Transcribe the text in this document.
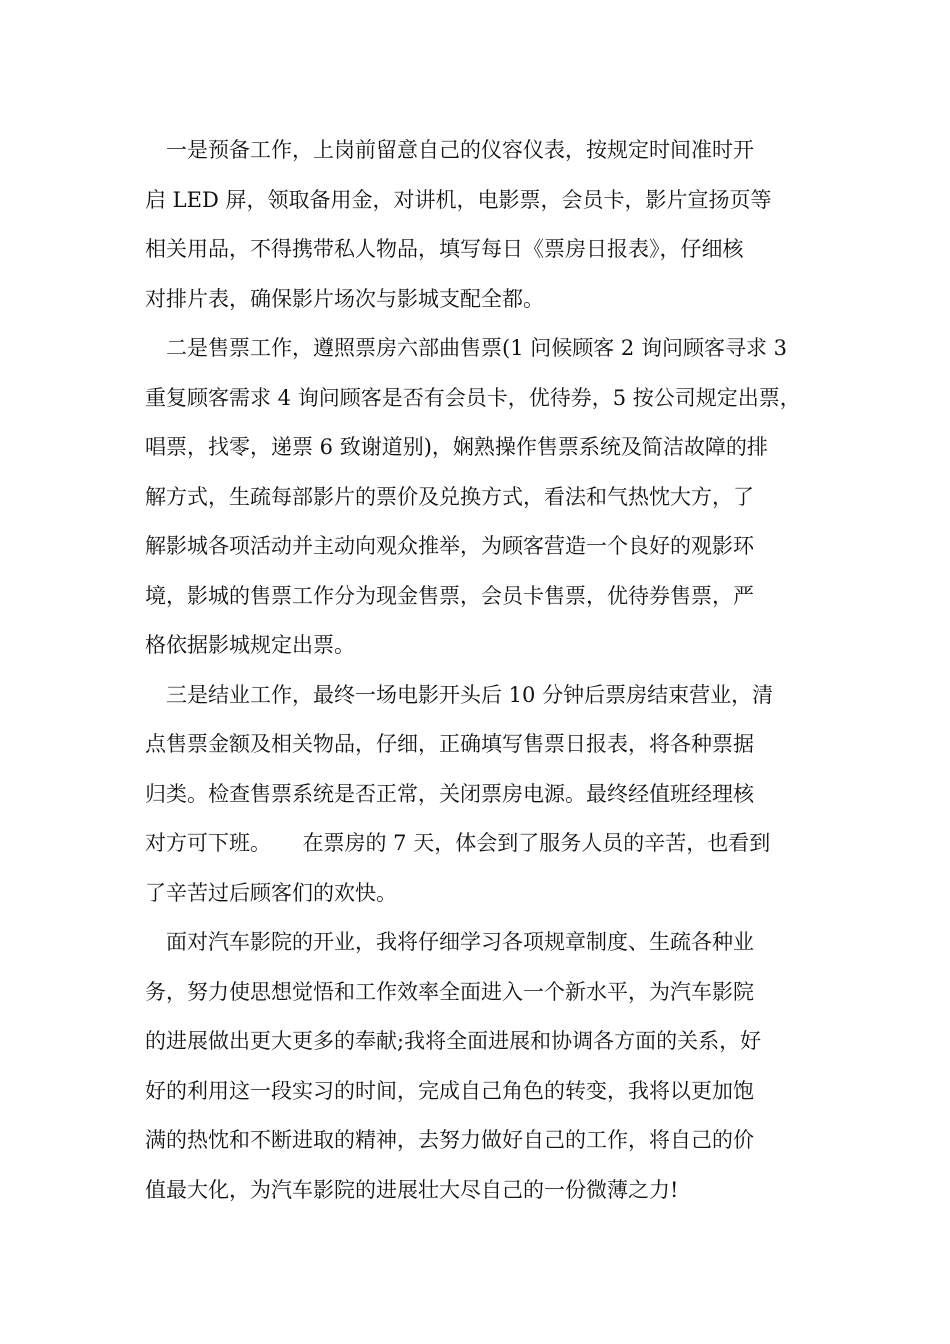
一是预备工作，上岗前留意自己的仪容仪表，按规定时间准时开
启 LED 屏，领取备用金，对讲机，电影票，会员卡，影片宣扬页等
相关用品，不得携带私人物品，填写每日《票房日报表》，仔细核
对排片表，确保影片场次与影城支配全都。

二是售票工作，遵照票房六部曲售票(1 问候顾客 2 询问顾客寻求 3
重复顾客需求 4 询问顾客是否有会员卡，优待券，5 按公司规定出票，
唱票，找零，递票 6 致谢道别)，娴熟操作售票系统及简洁故障的排
解方式，生疏每部影片的票价及兑换方式，看法和气热忱大方，了
解影城各项活动并主动向观众推举，为顾客营造一个良好的观影环
境，影城的售票工作分为现金售票，会员卡售票，优待券售票，严
格依据影城规定出票。

三是结业工作，最终一场电影开头后 10 分钟后票房结束营业，清
点售票金额及相关物品，仔细，正确填写售票日报表，将各种票据
归类。检查售票系统是否正常，关闭票房电源。最终经值班经理核
对方可下班。　　在票房的 7 天，体会到了服务人员的辛苦，也看到
了辛苦过后顾客们的欢快。

面对汽车影院的开业，我将仔细学习各项规章制度、生疏各种业
务，努力使思想觉悟和工作效率全面进入一个新水平，为汽车影院
的进展做出更大更多的奉献;我将全面进展和协调各方面的关系，好
好的利用这一段实习的时间，完成自己角色的转变，我将以更加饱
满的热忱和不断进取的精神，去努力做好自己的工作，将自己的价
值最大化，为汽车影院的进展壮大尽自己的一份微薄之力!
